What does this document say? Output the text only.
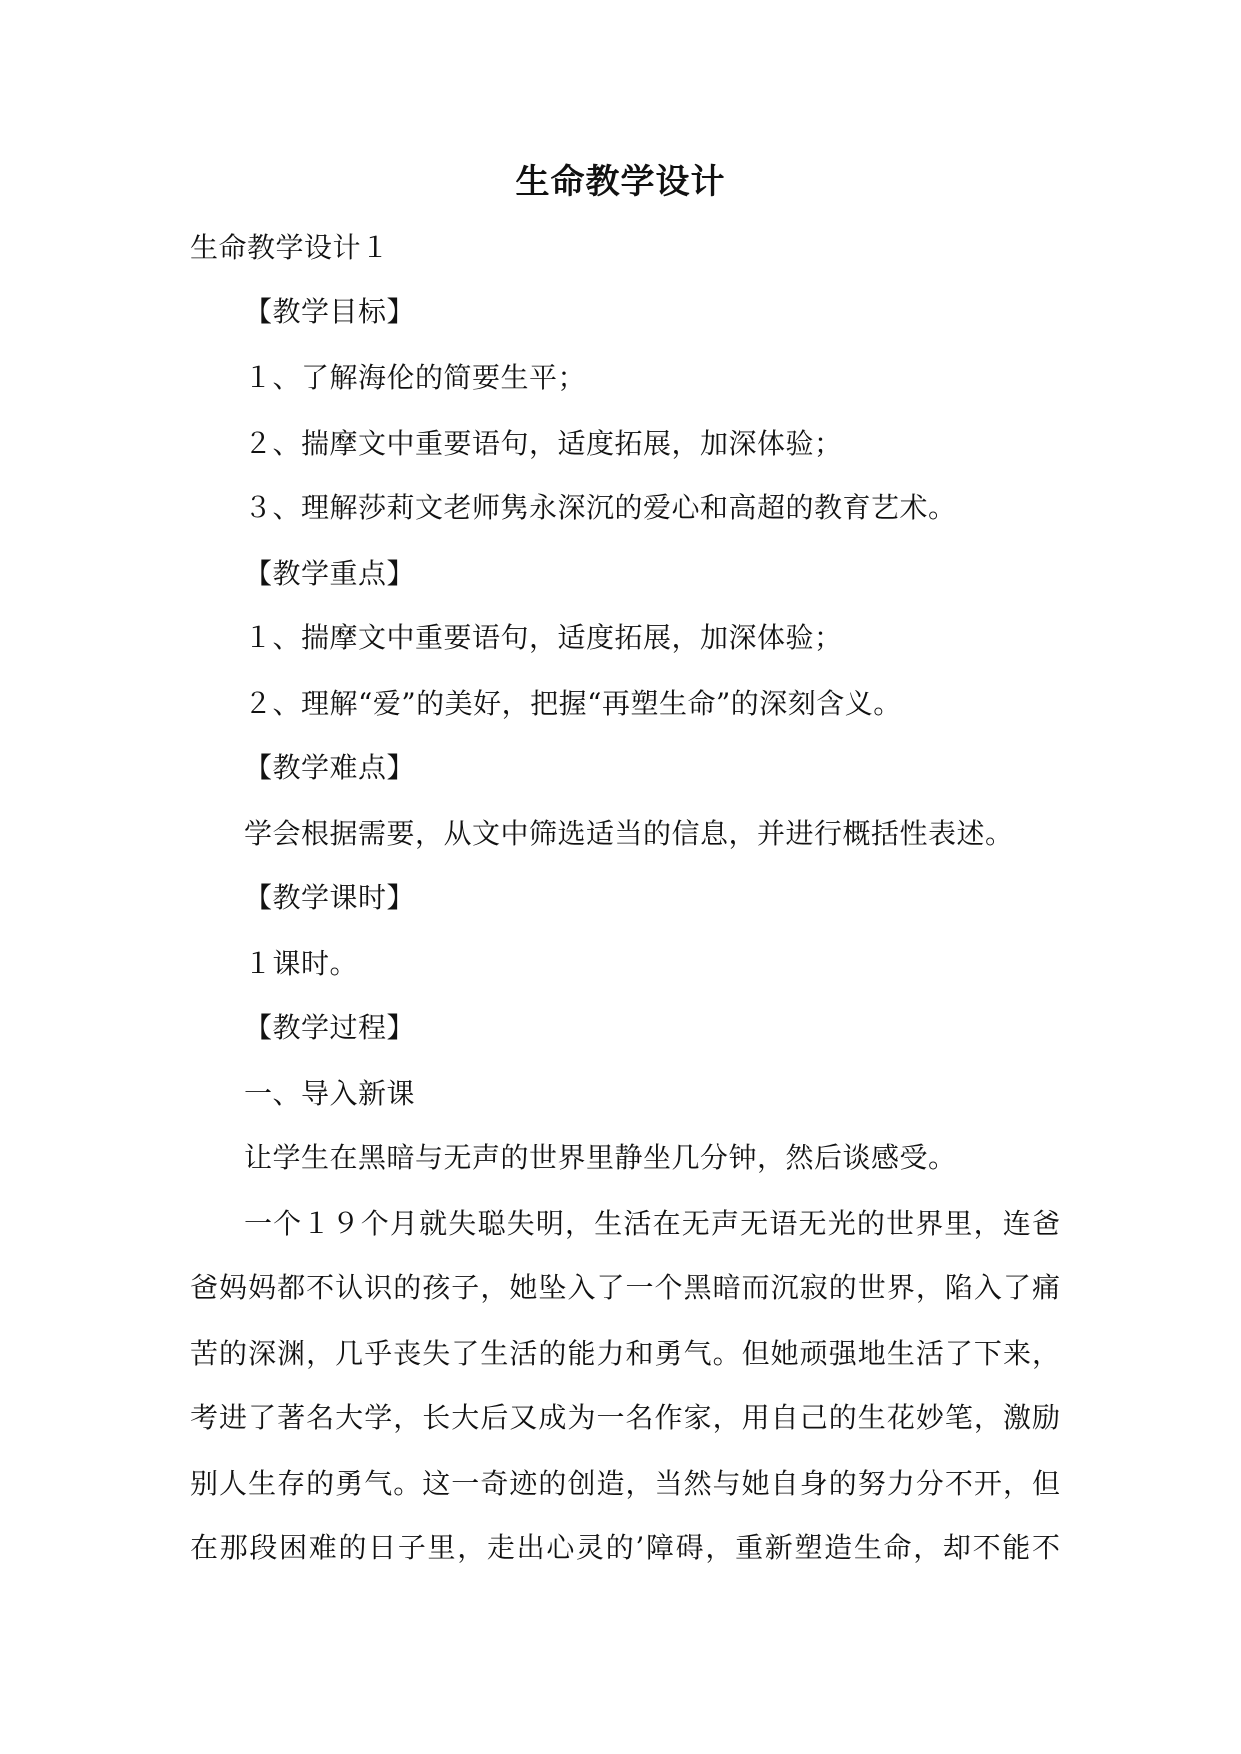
生命教学设计
生命教学设计１
【教学目标】
１、了解海伦的简要生平；
２、揣摩文中重要语句，适度拓展，加深体验；
３、理解莎莉文老师隽永深沉的爱心和高超的教育艺术。
【教学重点】
１、揣摩文中重要语句，适度拓展，加深体验；
２、理解“爱”的美好，把握“再塑生命”的深刻含义。
【教学难点】
学会根据需要，从文中筛选适当的信息，并进行概括性表述。
【教学课时】
１课时。
【教学过程】
一、导入新课
让学生在黑暗与无声的世界里静坐几分钟，然后谈感受。
一个１９个月就失聪失明，生活在无声无语无光的世界里，连爸
爸妈妈都不认识的孩子，她坠入了一个黑暗而沉寂的世界，陷入了痛
苦的深渊，几乎丧失了生活的能力和勇气。但她顽强地生活了下来，
考进了著名大学，长大后又成为一名作家，用自己的生花妙笔，激励
别人生存的勇气。这一奇迹的创造，当然与她自身的努力分不开，但
在那段困难的日子里，走出心灵的’障碍，重新塑造生命，却不能不
